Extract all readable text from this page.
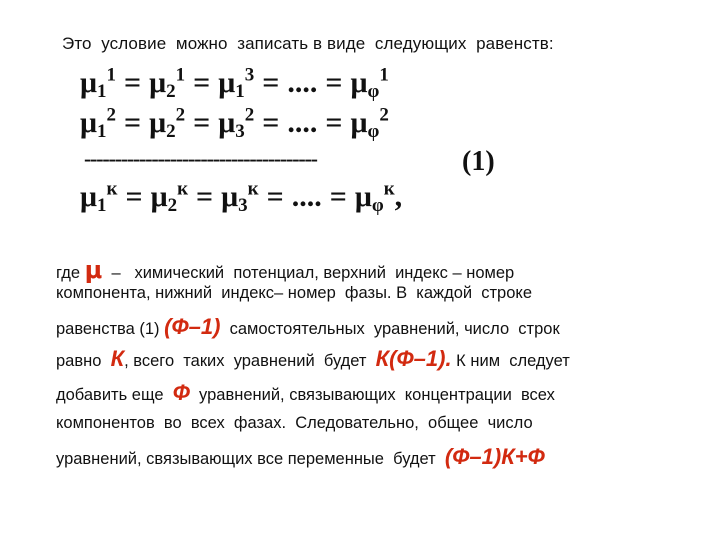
Это  условие  можно  записать в виде  следующих  равенств:
$\mu_1^1 = \mu_2^1 = \mu_1^3$ = .... = $\mu_\varphi^1$
$\mu_1^2 = \mu_2^2 = \mu_3^2$ = .... = $\mu_\varphi^2$
$\mu_1^к = \mu_2^к = \mu_3^к$ = .... = $\mu_\varphi^к$,
--------------------------------------	(1)
где μ  –   химический  потенциал, верхний  индекс – номер
компонента, нижний  индекс– номер  фазы. В  каждой  строке
равенства (1) (Ф–1)  самостоятельных  уравнений, число  строк
равно  К, всего  таких  уравнений  будет  К(Ф–1). К ним  следует
добавить еще  Ф  уравнений, связывающих  концентрации  всех
компонентов  во  всех  фазах.  Следовательно,  общее  число
уравнений, связывающих все переменные  будет  (Ф–1)К+Ф
